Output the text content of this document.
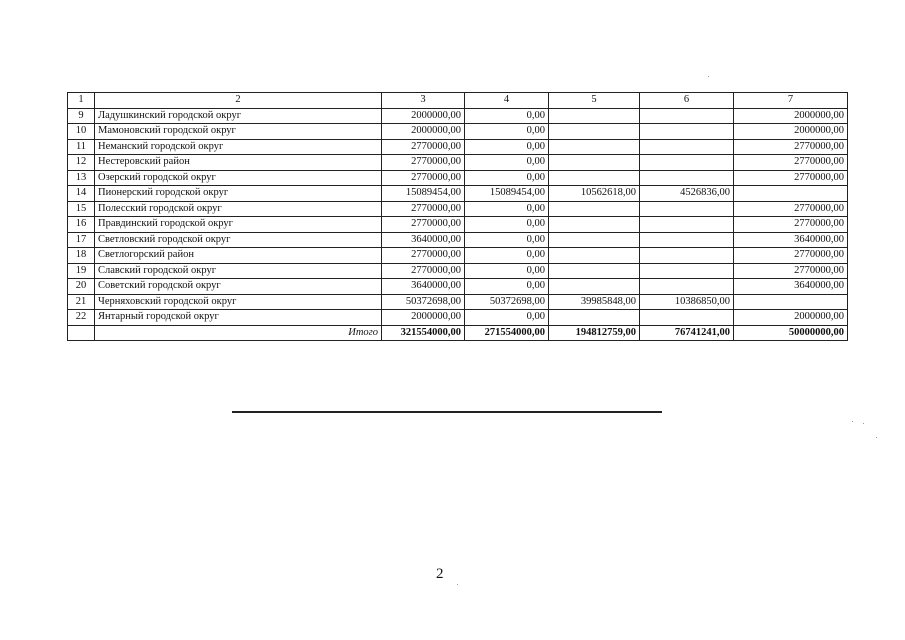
1	2	3	4	5	6	7
9	Ладушкинский городской округ	2000000,00	0,00			2000000,00
10	Мамоновский городской округ	2000000,00	0,00			2000000,00
11	Неманский городской округ	2770000,00	0,00			2770000,00
12	Нестеровский район	2770000,00	0,00			2770000,00
13	Озерский городской округ	2770000,00	0,00			2770000,00
14	Пионерский городской округ	15089454,00	15089454,00	10562618,00	4526836,00	
15	Полесский городской округ	2770000,00	0,00			2770000,00
16	Правдинский городской округ	2770000,00	0,00			2770000,00
17	Светловский городской округ	3640000,00	0,00			3640000,00
18	Светлогорский район	2770000,00	0,00			2770000,00
19	Славский городской округ	2770000,00	0,00			2770000,00
20	Советский городской округ	3640000,00	0,00			3640000,00
21	Черняховский городской округ	50372698,00	50372698,00	39985848,00	10386850,00	
22	Янтарный городской округ	2000000,00	0,00			2000000,00
	Итого	321554000,00	271554000,00	194812759,00	76741241,00	50000000,00
2
